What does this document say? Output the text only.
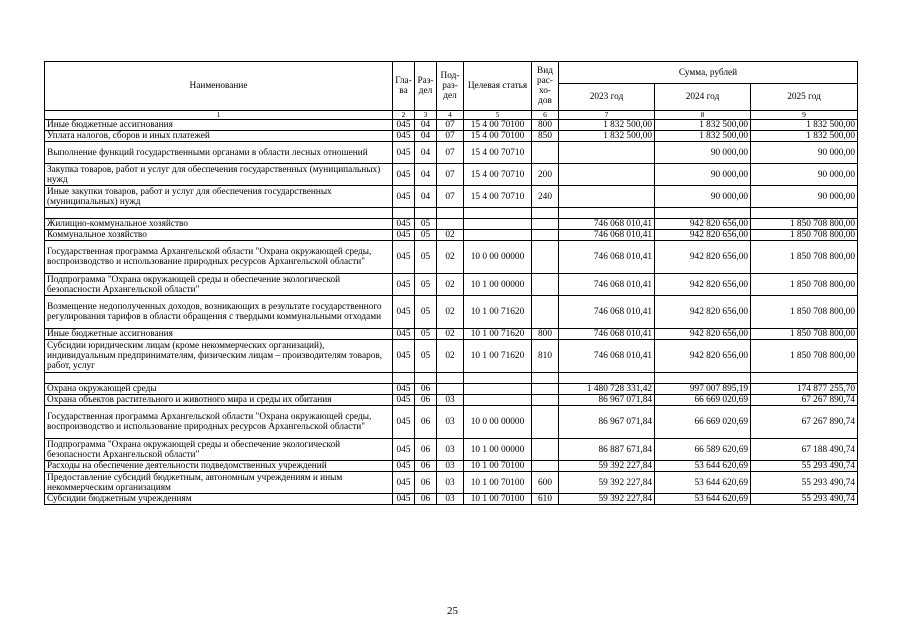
Наименование	Гла-ва	Раз-дел	Под-раз-дел	Целевая статья	Вид рас-хо-дов	Сумма, рублей		
						2023 год	2024 год	2025 год
1	2	3	4	5	6	7	8	9
Иные бюджетные ассигнования	045	04	07	15 4 00 70100	800	1 832 500,00	1 832 500,00	1 832 500,00
Уплата налогов, сборов и иных платежей	045	04	07	15 4 00 70100	850	1 832 500,00	1 832 500,00	1 832 500,00
Выполнение функций государственными органами в области лесных отношений	045	04	07	15 4 00 70710			90 000,00	90 000,00
Закупка товаров, работ и услуг для обеспечения государственных (муниципальных) нужд	045	04	07	15 4 00 70710	200		90 000,00	90 000,00
Иные закупки товаров, работ и услуг для обеспечения государственных (муниципальных) нужд	045	04	07	15 4 00 70710	240		90 000,00	90 000,00

Жилищно-коммунальное хозяйство	045	05				746 068 010,41	942 820 656,00	1 850 708 800,00
Коммунальное хозяйство	045	05	02			746 068 010,41	942 820 656,00	1 850 708 800,00
Государственная программа Архангельской области "Охрана окружающей среды, воспроизводство и использование природных ресурсов Архангельской области"	045	05	02	10 0 00 00000		746 068 010,41	942 820 656,00	1 850 708 800,00
Подпрограмма "Охрана окружающей среды и обеспечение экологической безопасности Архангельской области"	045	05	02	10 1 00 00000		746 068 010,41	942 820 656,00	1 850 708 800,00
Возмещение недополученных доходов, возникающих в результате государственного регулирования тарифов в области обращения с твердыми коммунальными отходами	045	05	02	10 1 00 71620		746 068 010,41	942 820 656,00	1 850 708 800,00
Иные бюджетные ассигнования	045	05	02	10 1 00 71620	800	746 068 010,41	942 820 656,00	1 850 708 800,00
Субсидии юридическим лицам (кроме некоммерческих организаций), индивидуальным предпринимателям, физическим лицам – производителям товаров, работ, услуг	045	05	02	10 1 00 71620	810	746 068 010,41	942 820 656,00	1 850 708 800,00

Охрана окружающей среды	045	06				1 480 728 331,42	997 007 895,19	174 877 255,70
Охрана объектов растительного и животного мира и среды их обитания	045	06	03			86 967 071,84	66 669 020,69	67 267 890,74
Государственная программа Архангельской области "Охрана окружающей среды, воспроизводство и использование природных ресурсов Архангельской области"	045	06	03	10 0 00 00000		86 967 071,84	66 669 020,69	67 267 890,74
Подпрограмма "Охрана окружающей среды и обеспечение экологической безопасности Архангельской области"	045	06	03	10 1 00 00000		86 887 671,84	66 589 620,69	67 188 490,74
Расходы на обеспечение деятельности подведомственных учреждений	045	06	03	10 1 00 70100		59 392 227,84	53 644 620,69	55 293 490,74
Предоставление субсидий бюджетным, автономным учреждениям и иным некоммерческим организациям	045	06	03	10 1 00 70100	600	59 392 227,84	53 644 620,69	55 293 490,74
Субсидии бюджетным учреждениям	045	06	03	10 1 00 70100	610	59 392 227,84	53 644 620,69	55 293 490,74
25
